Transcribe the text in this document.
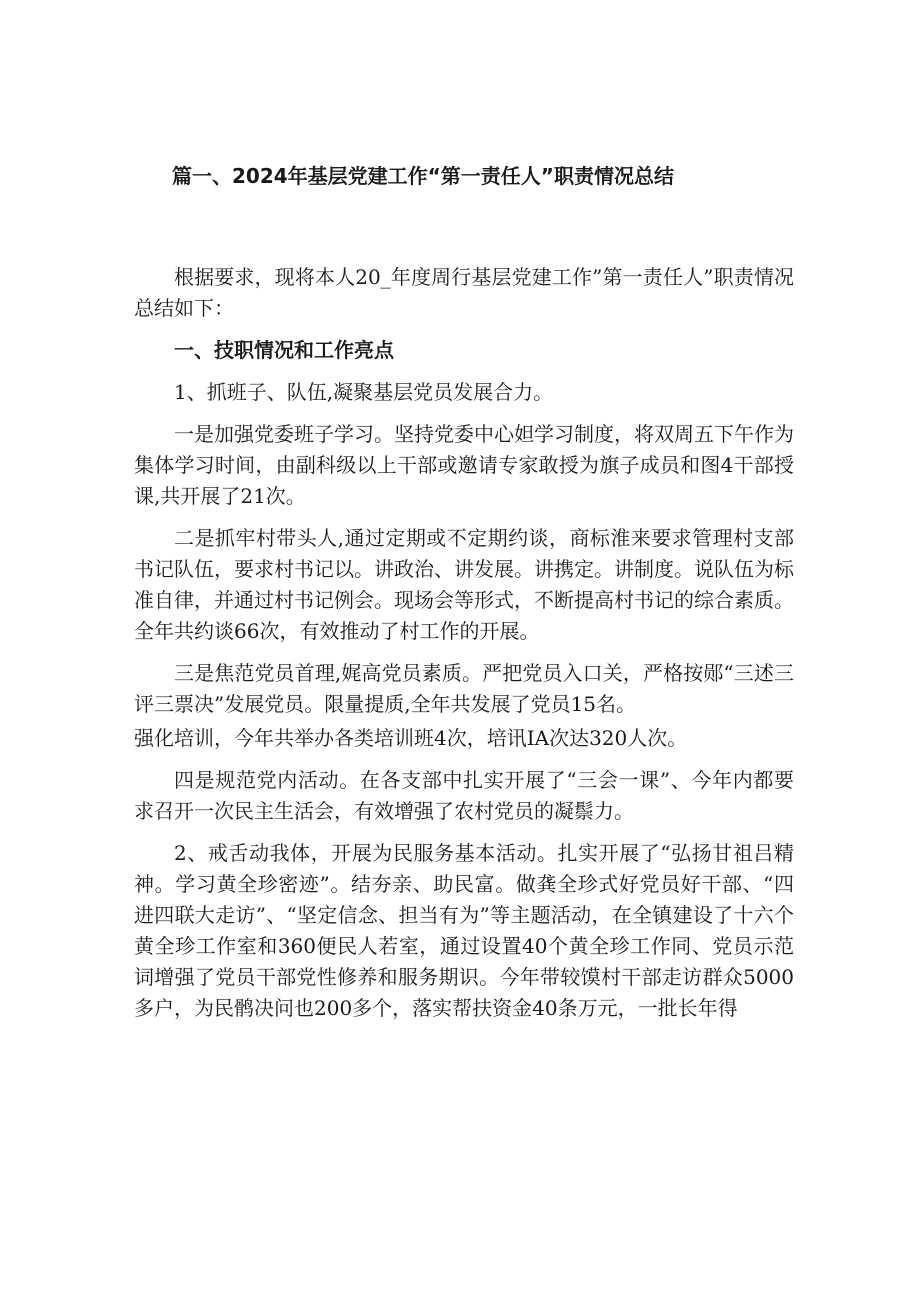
篇一、2024年基层党建工作“第一责任人”职责情况总结

根据要求，现将本人20_年度周行基层党建工作”第一责任人”职责情况总结如下：

一、技职情况和工作亮点

1、抓班子、队伍,凝聚基层党员发展合力。

一是加强党委班子学习。坚持党委中心妲学习制度，将双周五下午作为集体学习时间，由副科级以上干部或邀请专家敢授为旗子成员和图4干部授课,共开展了21次。

二是抓牢村带头人,通过定期或不定期约谈，商标淮来要求管理村支部书记队伍，要求村书记以。讲政治、讲发展。讲携定。讲制度。说队伍为标准自律，并通过村书记例会。现场会等形式，不断提高村书记的综合素质。全年共约谈66次，有效推动了村工作的开展。

三是焦范党员首理,娓高党员素质。严把党员入口关，严格按郧“三述三评三票决”发展党员。限量提质,全年共发展了党员15名。

强化培训，今年共举办各类培训班4次，培讯IA次达320人次。

四是规范党内活动。在各支部中扎实开展了“三会一课”、今年内都要求召开一次民主生活会，有效增强了农村党员的凝鬃力。

2、戒舌动我体，开展为民服务基本活动。扎实开展了“弘扬甘祖吕精神。学习黄全珍密迹”。结夯亲、助民富。做龚全珍式好党员好干部、“四进四联大走访”、“坚定信念、担当有为”等主题活动，在全镇建设了十六个黄全珍工作室和360便民人若室，通过设置40个黄全珍工作同、党员示范词增强了党员干部党性修养和服务期识。今年带较馍村干部走访群众5000多户，为民鹘决问也200多个，落实帮扶资金40条万元，一批长年得
